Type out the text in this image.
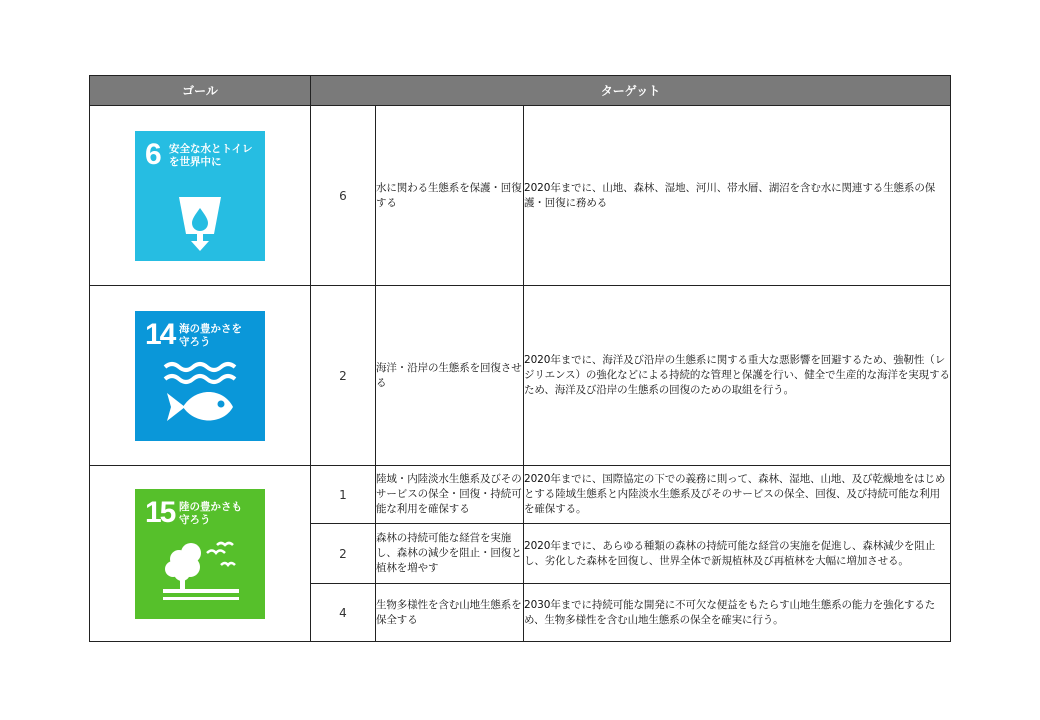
ゴール	ターゲット		

6 安全な水とトイレ
を世界中に	6	水に関わる生態系を保護・回復する	2020年までに、山地、森林、湿地、河川、帯水層、湖沼を含む水に関連する生態系の保護・回復に務める

14 海の豊かさを
守ろう	2	海洋・沿岸の生態系を回復させる	2020年までに、海洋及び沿岸の生態系に関する重大な悪影響を回避するため、強靭性（レジリエンス）の強化などによる持続的な管理と保護を行い、健全で生産的な海洋を実現するため、海洋及び沿岸の生態系の回復のための取組を行う。

15 陸の豊かさも
守ろう	1	陸域・内陸淡水生態系及びそのサービスの保全・回復・持続可能な利用を確保する	2020年までに、国際協定の下での義務に則って、森林、湿地、山地、及び乾燥地をはじめとする陸域生態系と内陸淡水生態系及びそのサービスの保全、回復、及び持続可能な利用を確保する。
	2	森林の持続可能な経営を実施し、森林の減少を阻止・回復と植林を増やす	2020年までに、あらゆる種類の森林の持続可能な経営の実施を促進し、森林減少を阻止し、劣化した森林を回復し、世界全体で新規植林及び再植林を大幅に増加させる。
	4	生物多様性を含む山地生態系を保全する	2030年までに持続可能な開発に不可欠な便益をもたらす山地生態系の能力を強化するため、生物多様性を含む山地生態系の保全を確実に行う。
